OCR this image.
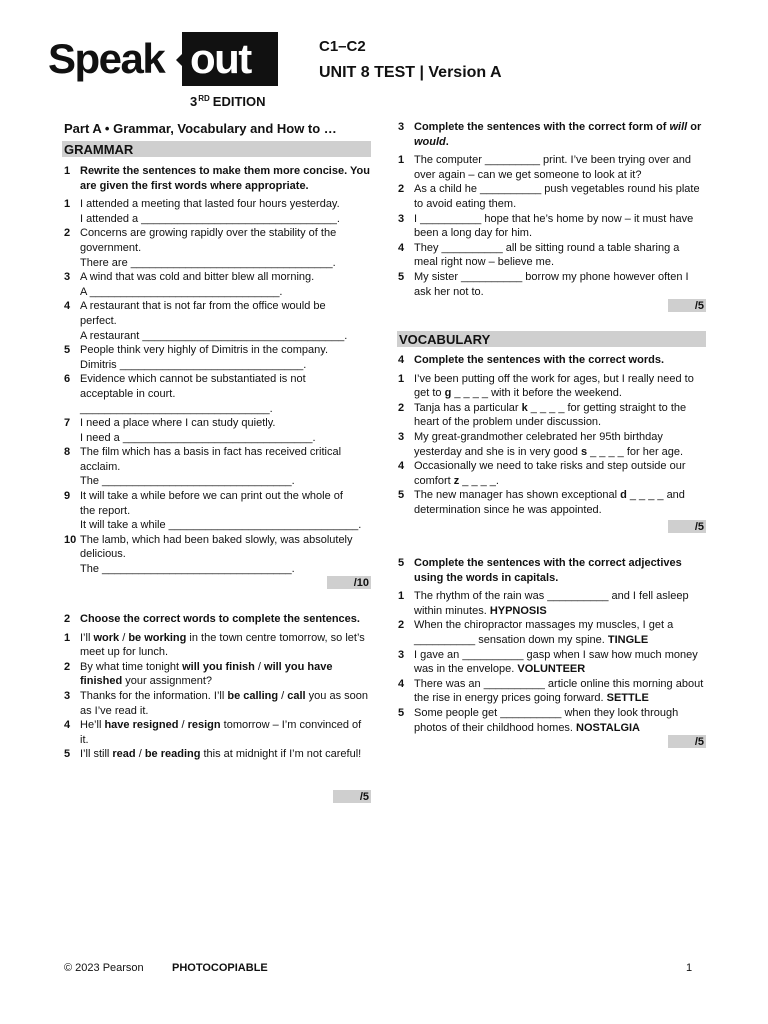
Speak out
3RD EDITION
C1–C2
UNIT 8 TEST | Version A
Part A • Grammar, Vocabulary and How to …
GRAMMAR
1 Rewrite the sentences to make them more concise. You are given the first words where appropriate.
1 I attended a meeting that lasted four hours yesterday.
I attended a ________________________________.
2 Concerns are growing rapidly over the stability of the
government.
There are _________________________________.
3 A wind that was cold and bitter blew all morning.
A _______________________________.
4 A restaurant that is not far from the office would be
perfect.
A restaurant _________________________________.
5 People think very highly of Dimitris in the company.
Dimitris ______________________________.
6 Evidence which cannot be substantiated is not
acceptable in court.
_______________________________.
7 I need a place where I can study quietly.
I need a _______________________________.
8 The film which has a basis in fact has received critical
acclaim.
The _______________________________.
9 It will take a while before we can print out the whole of
the report.
It will take a while _______________________________.
10 The lamb, which had been baked slowly, was absolutely
delicious.
The _______________________________.
/10
2 Choose the correct words to complete the sentences.
1 I’ll work / be working in the town centre tomorrow, so let’s meet up for lunch.
2 By what time tonight will you finish / will you have finished your assignment?
3 Thanks for the information. I’ll be calling / call you as soon as I’ve read it.
4 He’ll have resigned / resign tomorrow – I’m convinced of it.
5 I’ll still read / be reading this at midnight if I’m not careful!
/5
3 Complete the sentences with the correct form of will or would.
1 The computer _________ print. I’ve been trying over and over again – can we get someone to look at it?
2 As a child he __________ push vegetables round his plate to avoid eating them.
3 I __________ hope that he’s home by now – it must have been a long day for him.
4 They __________ all be sitting round a table sharing a meal right now – believe me.
5 My sister __________ borrow my phone however often I ask her not to.
/5
VOCABULARY
4 Complete the sentences with the correct words.
1 I’ve been putting off the work for ages, but I really need to get to g _ _ _ _ with it before the weekend.
2 Tanja has a particular k _ _ _ _ for getting straight to the heart of the problem under discussion.
3 My great-grandmother celebrated her 95th birthday yesterday and she is in very good s _ _ _ _ for her age.
4 Occasionally we need to take risks and step outside our comfort z _ _ _ _.
5 The new manager has shown exceptional d _ _ _ _ and determination since he was appointed.
/5
5 Complete the sentences with the correct adjectives using the words in capitals.
1 The rhythm of the rain was __________ and I fell asleep within minutes. HYPNOSIS
2 When the chiropractor massages my muscles, I get a __________ sensation down my spine. TINGLE
3 I gave an __________ gasp when I saw how much money was in the envelope. VOLUNTEER
4 There was an __________ article online this morning about the rise in energy prices going forward. SETTLE
5 Some people get __________ when they look through photos of their childhood homes. NOSTALGIA
/5
© 2023 Pearson	PHOTOCOPIABLE	1
